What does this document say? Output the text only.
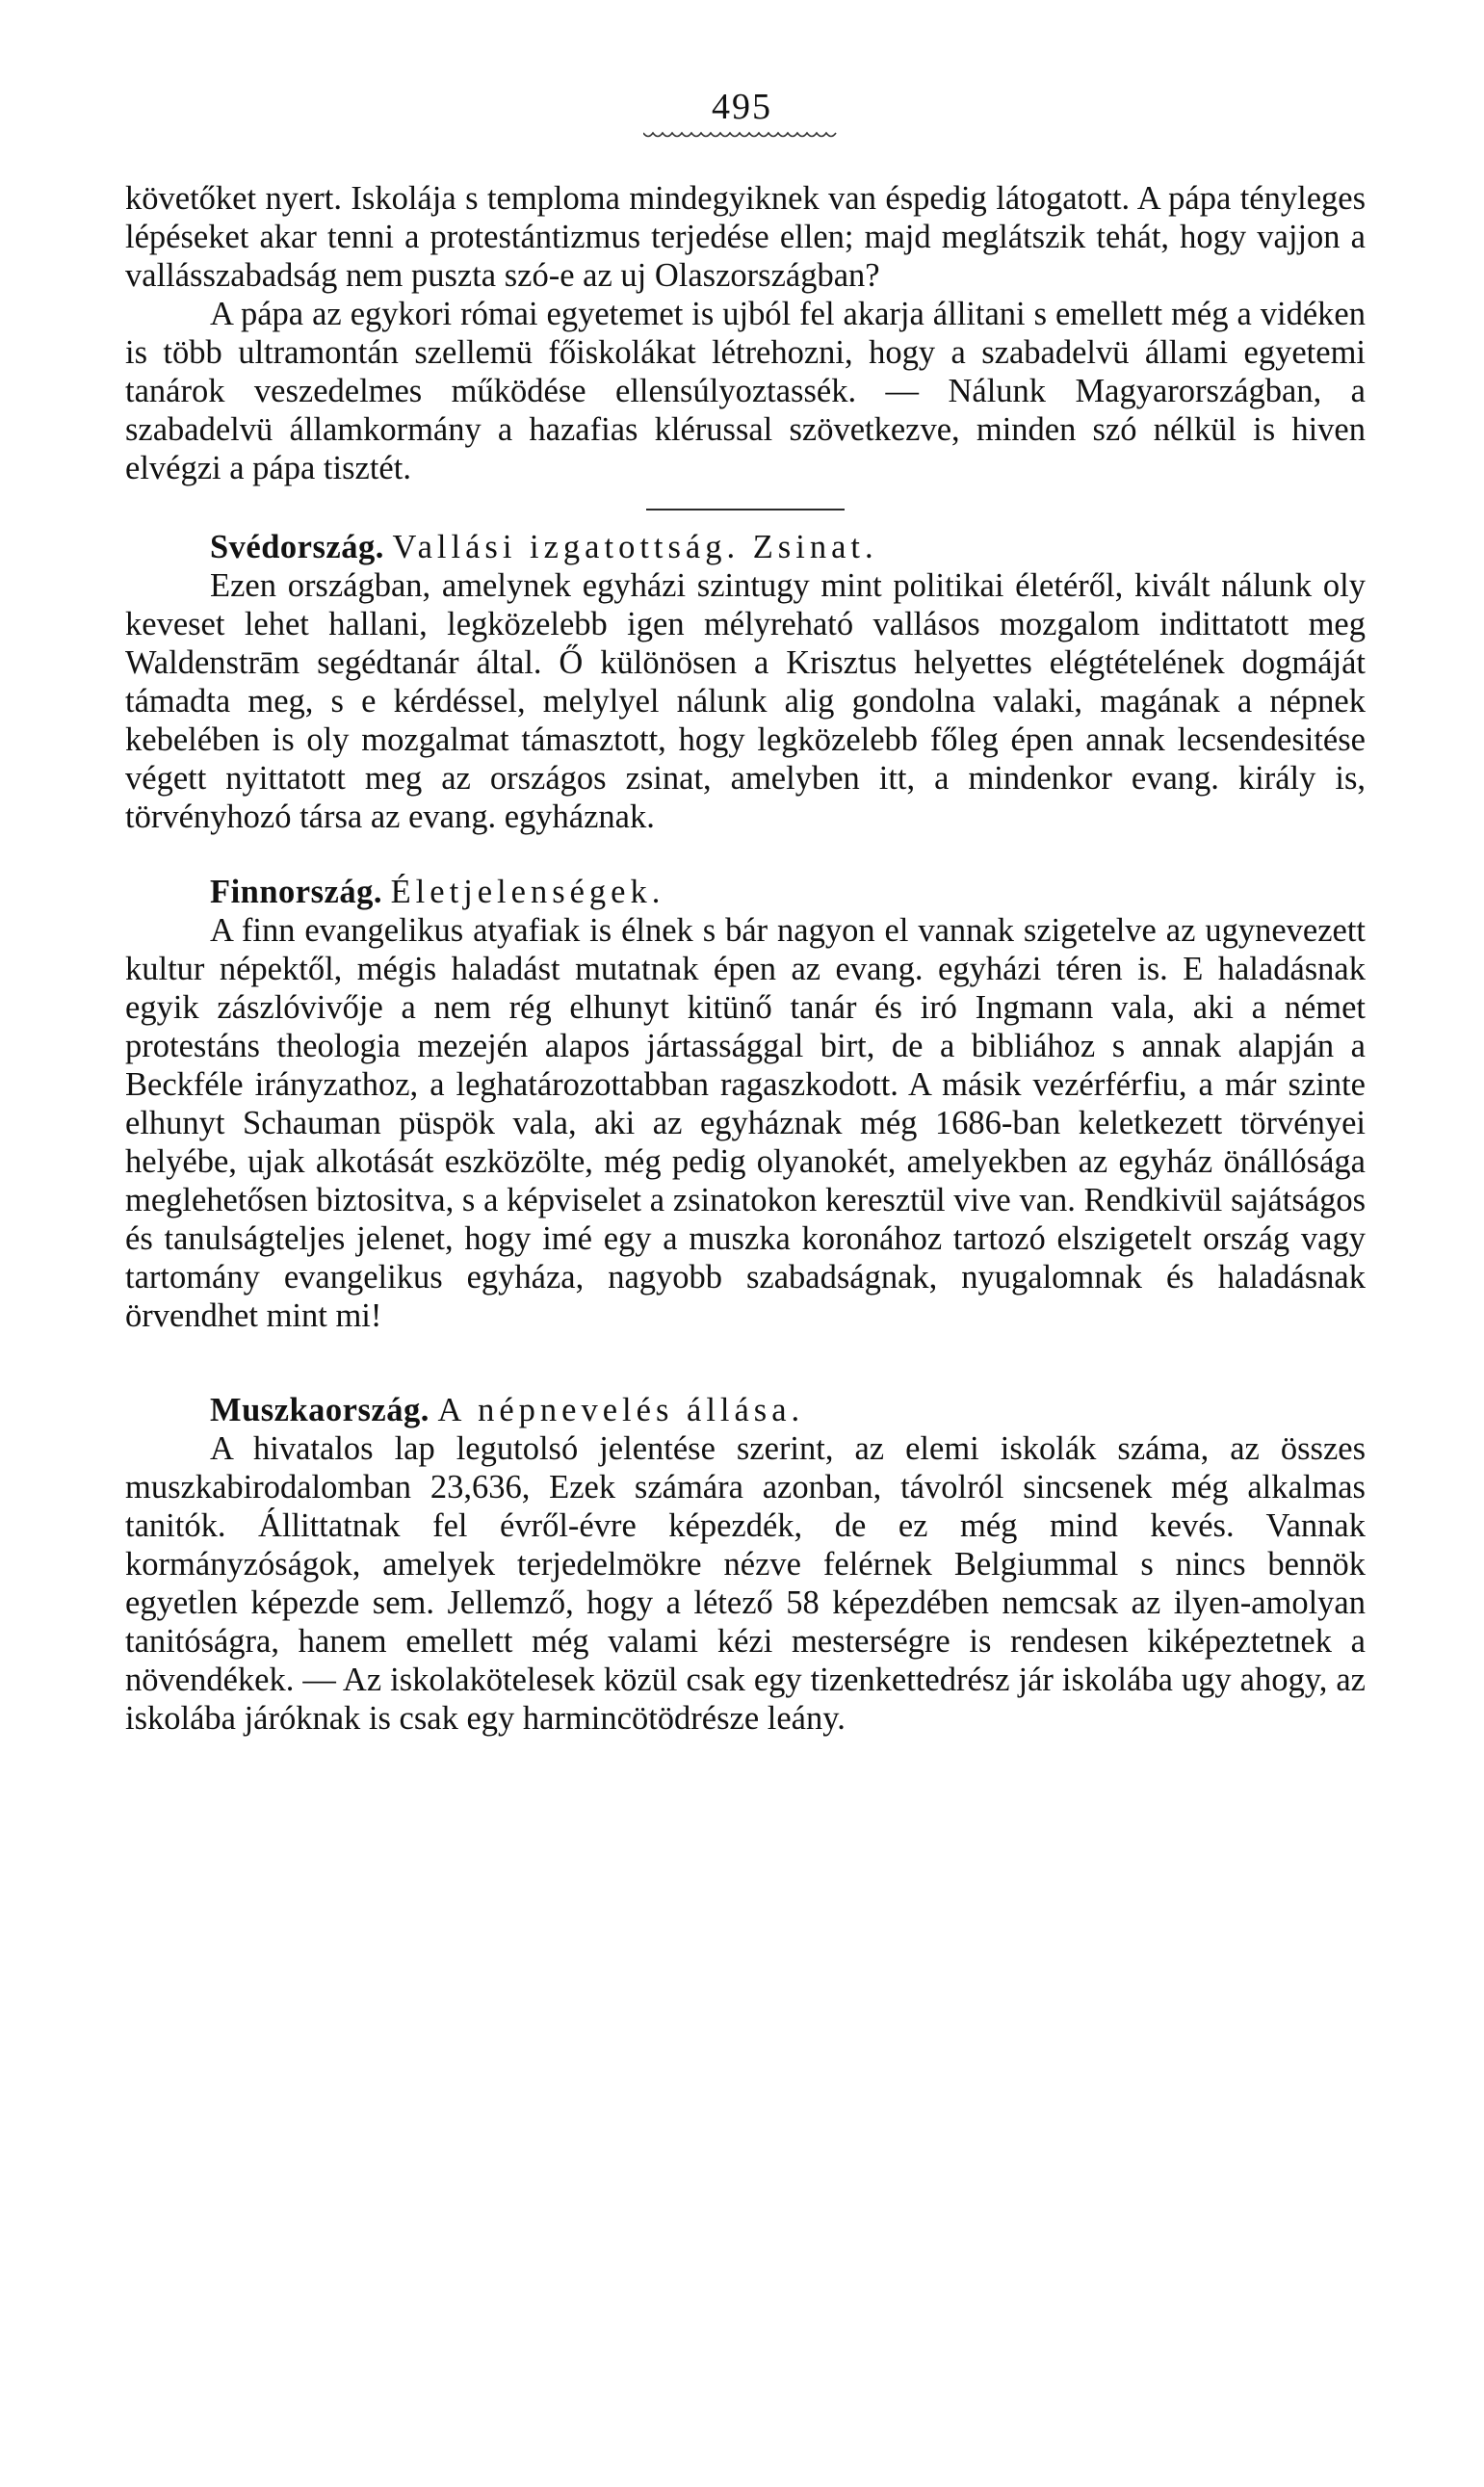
495

követőket nyert. Iskolája s temploma mindegyiknek van éspedig látogatott. A pápa tényleges lépéseket akar tenni a protestántizmus terjedése ellen; majd meglátszik tehát, hogy vajjon a vallásszabadság nem puszta szó-e az uj Olaszországban?

A pápa az egykori római egyetemet is ujból fel akarja állitani s emellett még a vidéken is több ultramontán szellemü főiskolákat létrehozni, hogy a szabadelvü állami egyetemi tanárok veszedelmes működése ellensúlyoztassék. — Nálunk Magyarországban, a szabadelvü államkormány a hazafias klérussal szövetkezve, minden szó nélkül is hiven elvégzi a pápa tisztét.

Svédország. Vallási izgatottság. Zsinat.

Ezen országban, amelynek egyházi szintugy mint politikai életéről, kivált nálunk oly keveset lehet hallani, legközelebb igen mélyreható vallásos mozgalom indittatott meg Waldenstrām segédtanár által. Ő különösen a Krisztus helyettes elégtételének dogmáját támadta meg, s e kérdéssel, melylyel nálunk alig gondolna valaki, magának a népnek kebelében is oly mozgalmat támasztott, hogy legközelebb főleg épen annak lecsendesitése végett nyittatott meg az országos zsinat, amelyben itt, a mindenkor evang. király is, törvényhozó társa az evang. egyháznak.

Finnország. Életjelenségek.

A finn evangelikus atyafiak is élnek s bár nagyon el vannak szigetelve az ugynevezett kultur népektől, mégis haladást mutatnak épen az evang. egyházi téren is. E haladásnak egyik zászlóvivője a nem rég elhunyt kitünő tanár és iró Ingmann vala, aki a német protestáns theologia mezején alapos jártassággal birt, de a bibliához s annak alapján a Beckféle irányzathoz, a leghatározottabban ragaszkodott. A másik vezérférfiu, a már szinte elhunyt Schauman püspök vala, aki az egyháznak még 1686-ban keletkezett törvényei helyébe, ujak alkotását eszközölte, még pedig olyanokét, amelyekben az egyház önállósága meglehetősen biztositva, s a képviselet a zsinatokon keresztül vive van. Rendkivül sajátságos és tanulságteljes jelenet, hogy imé egy a muszka koronához tartozó elszigetelt ország vagy tartomány evangelikus egyháza, nagyobb szabadságnak, nyugalomnak és haladásnak örvendhet mint mi!

Muszkaország. A népnevelés állása.

A hivatalos lap legutolsó jelentése szerint, az elemi iskolák száma, az összes muszkabirodalomban 23,636, Ezek számára azonban, távolról sincsenek még alkalmas tanitók. Állittatnak fel évről-évre képezdék, de ez még mind kevés. Vannak kormányzóságok, amelyek terjedelmökre nézve felérnek Belgiummal s nincs bennök egyetlen képezde sem. Jellemző, hogy a létező 58 képezdében nemcsak az ilyen-amolyan tanitóságra, hanem emellett még valami kézi mesterségre is rendesen kiképeztetnek a növendékek. — Az iskolakötelesek közül csak egy tizenkettedrész jár iskolába ugy ahogy, az iskolába járóknak is csak egy harmincötödrésze leány.
